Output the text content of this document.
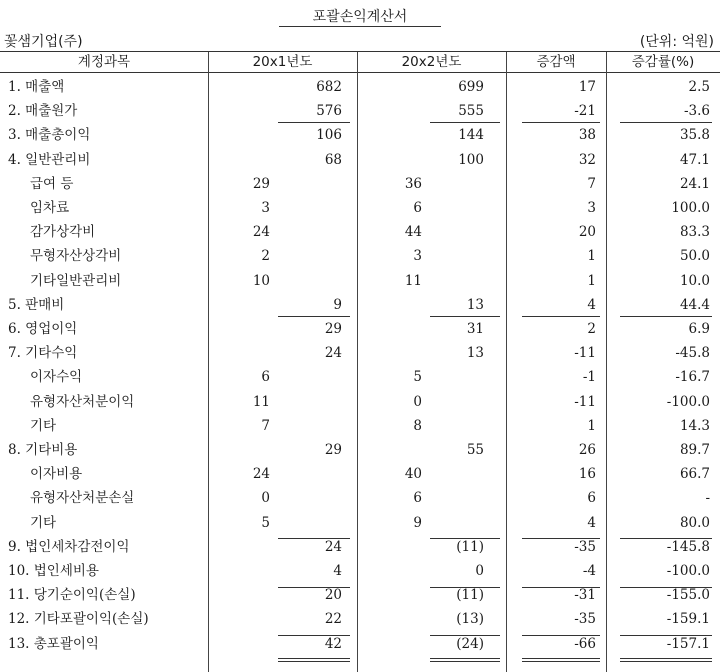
포괄손익계산서
꽃샘기업(주)	(단위: 억원)
계정과목	20x1년도	20x2년도	증감액	증감률(%)
1. 매출액	682	699	17	2.5
2. 매출원가	576	555	-21	-3.6
3. 매출총이익	106	144	38	35.8
4. 일반관리비	68	100	32	47.1
급여 등	29	36	7	24.1
임차료	3	6	3	100.0
감가상각비	24	44	20	83.3
무형자산상각비	2	3	1	50.0
기타일반관리비	10	11	1	10.0
5. 판매비	9	13	4	44.4
6. 영업이익	29	31	2	6.9
7. 기타수익	24	13	-11	-45.8
이자수익	6	5	-1	-16.7
유형자산처분이익	11	0	-11	-100.0
기타	7	8	1	14.3
8. 기타비용	29	55	26	89.7
이자비용	24	40	16	66.7
유형자산처분손실	0	6	6	-
기타	5	9	4	80.0
9. 법인세차감전이익	24	(11)	-35	-145.8
10. 법인세비용	4	0	-4	-100.0
11. 당기순이익(손실)	20	(11)	-31	-155.0
12. 기타포괄이익(손실)	22	(13)	-35	-159.1
13. 총포괄이익	42	(24)	-66	-157.1
